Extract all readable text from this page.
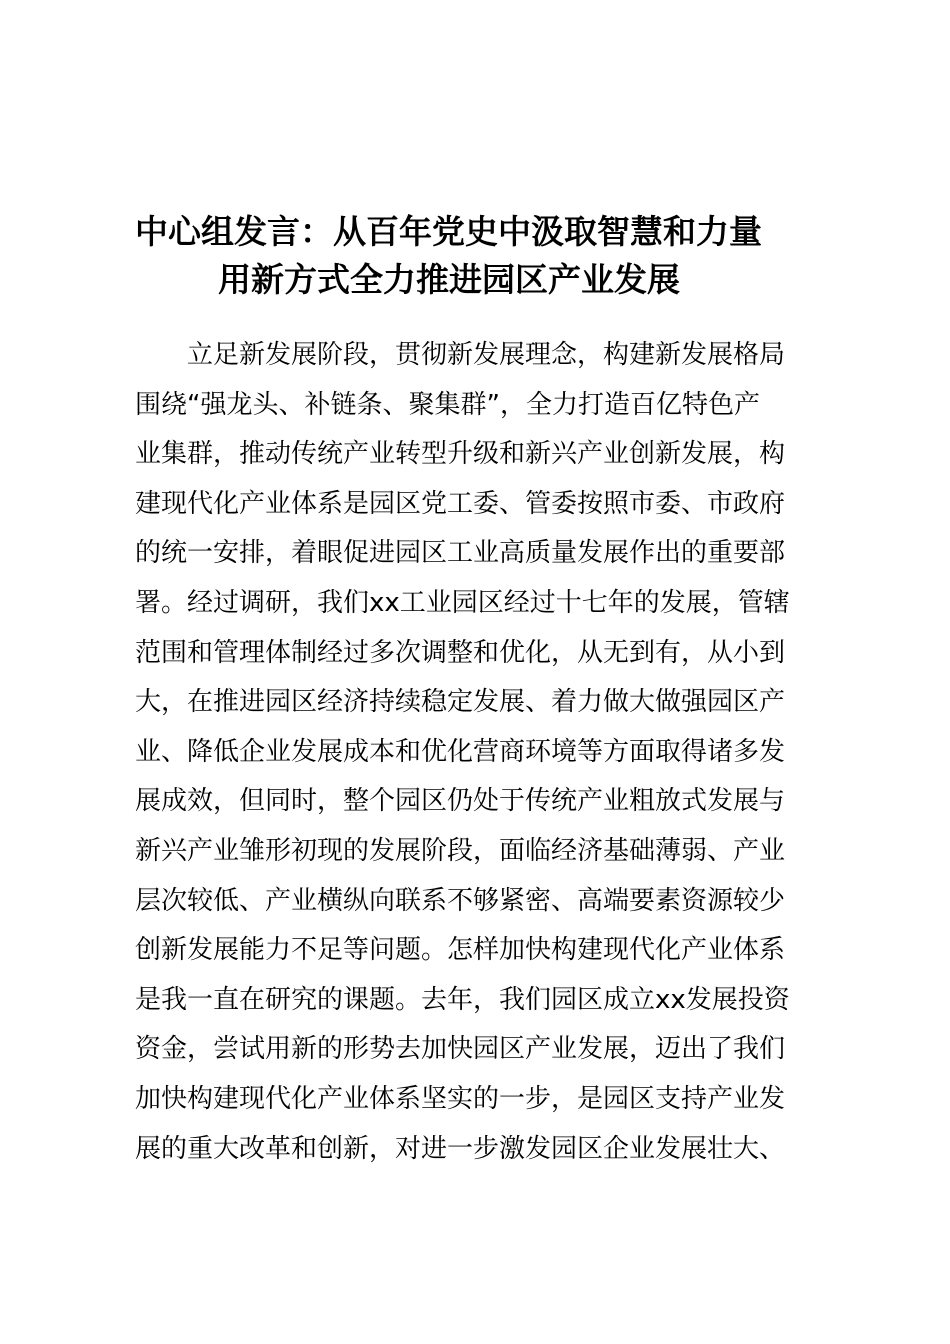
中心组发言：从百年党史中汲取智慧和力量
用新方式全力推进园区产业发展
立足新发展阶段，贯彻新发展理念，构建新发展格局
围绕“强龙头、补链条、聚集群”，全力打造百亿特色产
业集群，推动传统产业转型升级和新兴产业创新发展，构
建现代化产业体系是园区党工委、管委按照市委、市政府
的统一安排，着眼促进园区工业高质量发展作出的重要部
署。经过调研，我们xx工业园区经过十七年的发展，管辖
范围和管理体制经过多次调整和优化，从无到有，从小到
大，在推进园区经济持续稳定发展、着力做大做强园区产
业、降低企业发展成本和优化营商环境等方面取得诸多发
展成效，但同时，整个园区仍处于传统产业粗放式发展与
新兴产业雏形初现的发展阶段，面临经济基础薄弱、产业
层次较低、产业横纵向联系不够紧密、高端要素资源较少
创新发展能力不足等问题。怎样加快构建现代化产业体系
是我一直在研究的课题。去年，我们园区成立xx发展投资
资金，尝试用新的形势去加快园区产业发展，迈出了我们
加快构建现代化产业体系坚实的一步，是园区支持产业发
展的重大改革和创新，对进一步激发园区企业发展壮大、
